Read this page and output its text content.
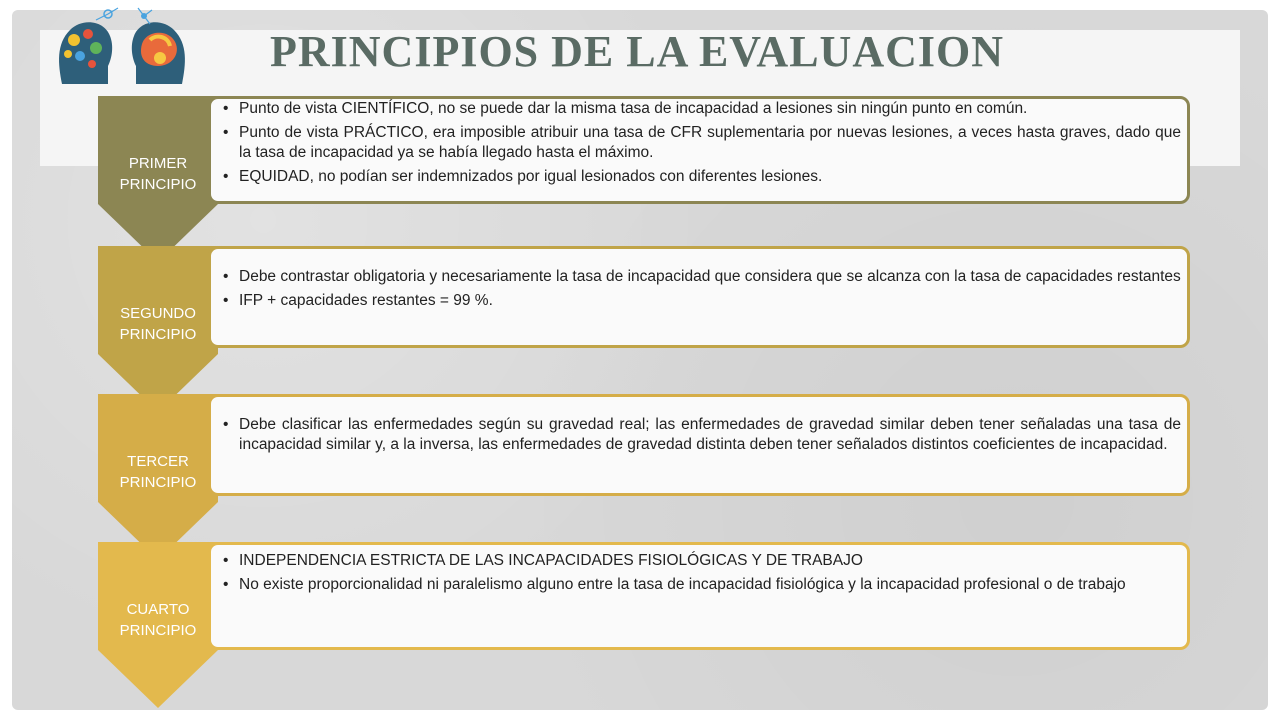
PRINCIPIOS DE LA EVALUACION
PRIMER
PRINCIPIO
• Punto de vista CIENTÍFICO, no se puede dar la misma tasa de incapacidad a lesiones sin ningún punto en común.
• Punto de vista PRÁCTICO, era imposible atribuir una tasa de CFR suplementaria por nuevas lesiones, a veces hasta graves, dado que la tasa de incapacidad ya se había llegado hasta el máximo.
• EQUIDAD, no podían ser indemnizados por igual lesionados con diferentes lesiones.
SEGUNDO
PRINCIPIO
• Debe contrastar obligatoria y necesariamente la tasa de incapacidad que considera que se alcanza con la tasa de capacidades restantes
• IFP + capacidades restantes = 99 %.
TERCER
PRINCIPIO
• Debe clasificar las enfermedades según su gravedad real; las enfermedades de gravedad similar deben tener señaladas una tasa de incapacidad similar y, a la inversa, las enfermedades de gravedad distinta deben tener señalados distintos coeficientes de incapacidad.
CUARTO
PRINCIPIO
• INDEPENDENCIA ESTRICTA DE LAS INCAPACIDADES FISIOLÓGICAS Y DE TRABAJO
• No existe proporcionalidad ni paralelismo alguno entre la tasa de incapacidad fisiológica y la incapacidad profesional o de trabajo
